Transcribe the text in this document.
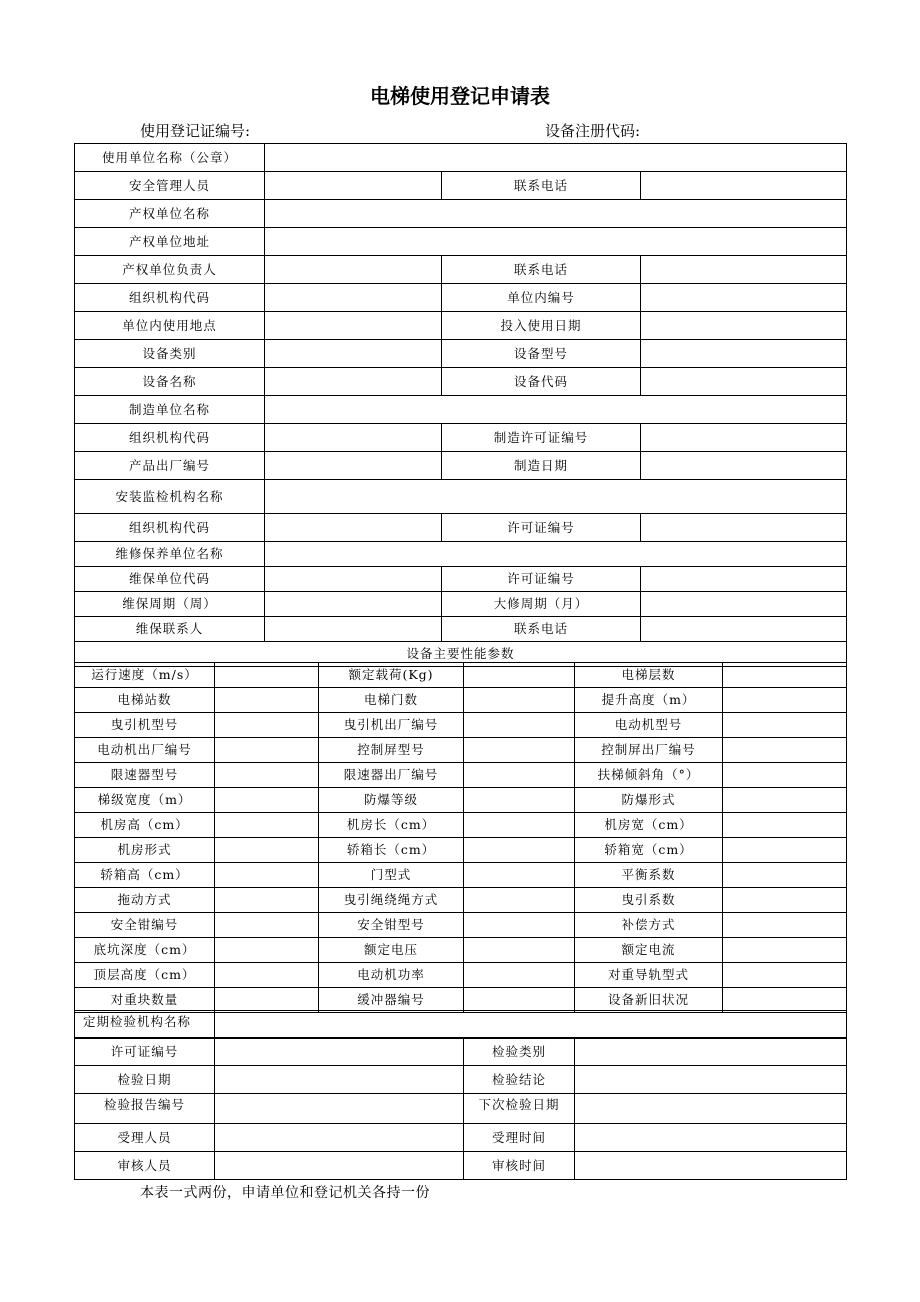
电梯使用登记申请表
使用登记证编号:	设备注册代码:
使用单位名称（公章）			
安全管理人员		联系电话	
产权单位名称			
产权单位地址			
产权单位负责人		联系电话	
组织机构代码		单位内编号	
单位内使用地点		投入使用日期	
设备类别		设备型号	
设备名称		设备代码	
制造单位名称			
组织机构代码		制造许可证编号	
产品出厂编号		制造日期	
安装监检机构名称			
组织机构代码		许可证编号	
维修保养单位名称			
维保单位代码		许可证编号	
维保周期（周）		大修周期（月）	
维保联系人		联系电话	
设备主要性能参数			
运行速度（m/s）		额定载荷(Kg)		电梯层数	
电梯站数		电梯门数		提升高度（m）	
曳引机型号		曳引机出厂编号		电动机型号	
电动机出厂编号		控制屏型号		控制屏出厂编号	
限速器型号		限速器出厂编号		扶梯倾斜角（°）	
梯级宽度（m）		防爆等级		防爆形式	
机房高（cm）		机房长（cm）		机房宽（cm）	
机房形式		轿箱长（cm）		轿箱宽（cm）	
轿箱高（cm）		门型式		平衡系数	
拖动方式		曳引绳绕绳方式		曳引系数	
安全钳编号		安全钳型号		补偿方式	
底坑深度（cm）		额定电压		额定电流	
顶层高度（cm）		电动机功率		对重导轨型式	
对重块数量		缓冲器编号		设备新旧状况	
定期检验机构名称	
许可证编号		检验类别	
检验日期		检验结论	
检验报告编号		下次检验日期	
受理人员		受理时间	
审核人员		审核时间	
本表一式两份，申请单位和登记机关各持一份
